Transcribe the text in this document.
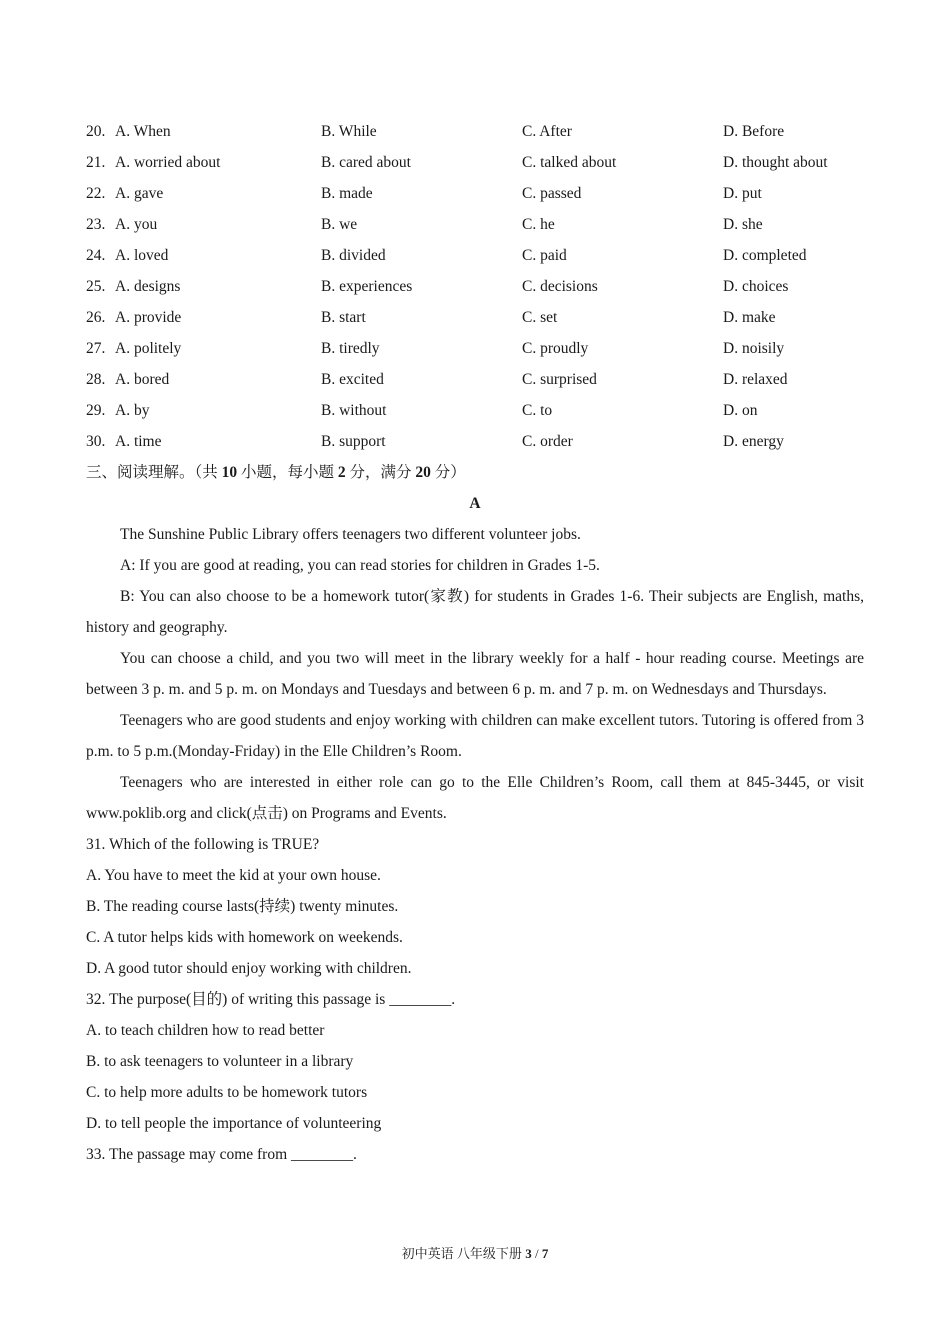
20. A. When	B. While	C. After	D. Before
21. A. worried about	B. cared about	C. talked about	D. thought about
22. A. gave	B. made	C. passed	D. put
23. A. you	B. we	C. he	D. she
24. A. loved	B. divided	C. paid	D. completed
25. A. designs	B. experiences	C. decisions	D. choices
26. A. provide	B. start	C. set	D. make
27. A. politely	B. tiredly	C. proudly	D. noisily
28. A. bored	B. excited	C. surprised	D. relaxed
29. A. by	B. without	C. to	D. on
30. A. time	B. support	C. order	D. energy
三、阅读理解。（共 10 小题，每小题 2 分，满分 20 分）
A
The Sunshine Public Library offers teenagers two different volunteer jobs.
A: If you are good at reading, you can read stories for children in Grades 1-5.
B: You can also choose to be a homework tutor(家教) for students in Grades 1-6. Their subjects are English, maths, history and geography.
You can choose a child, and you two will meet in the library weekly for a half - hour reading course. Meetings are between 3 p. m. and 5 p. m. on Mondays and Tuesdays and between 6 p. m. and 7 p. m. on Wednesdays and Thursdays.
Teenagers who are good students and enjoy working with children can make excellent tutors. Tutoring is offered from 3 p.m. to 5 p.m.(Monday-Friday) in the Elle Children’s Room.
Teenagers who are interested in either role can go to the Elle Children’s Room, call them at 845-3445, or visit www.poklib.org and click(点击) on Programs and Events.
31. Which of the following is TRUE?
A. You have to meet the kid at your own house.
B. The reading course lasts(持续) twenty minutes.
C. A tutor helps kids with homework on weekends.
D. A good tutor should enjoy working with children.
32. The purpose(目的) of writing this passage is ________.
A. to teach children how to read better
B. to ask teenagers to volunteer in a library
C. to help more adults to be homework tutors
D. to tell people the importance of volunteering
33. The passage may come from ________.
初中英语 八年级下册 3 / 7
